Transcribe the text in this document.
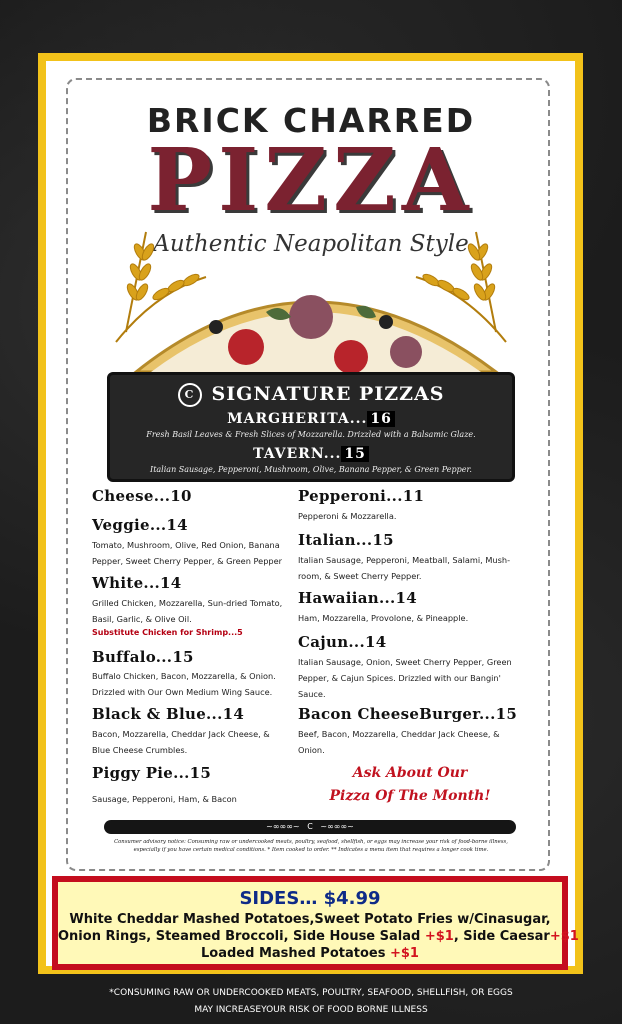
BRICK CHARRED
PIZZA
Authentic Neapolitan Style
C SIGNATURE PIZZAS
MARGHERITA... 16
Fresh Basil Leaves & Fresh Slices of Mozzarella. Drizzled with a Balsamic Glaze.
TAVERN... 15
Italian Sausage, Pepperoni, Mushroom, Olive, Banana Pepper, & Green Pepper.
Cheese...10
Veggie...14
Tomato, Mushroom, Olive, Red Onion, Banana Pepper, Sweet Cherry Pepper, & Green Pepper
White...14
Grilled Chicken, Mozzarella, Sun-dried Tomato, Basil, Garlic, & Olive Oil.
Substitute Chicken for Shrimp...5
Buffalo...15
Buffalo Chicken, Bacon, Mozzarella, & Onion. Drizzled with Our Own Medium Wing Sauce.
Black & Blue...14
Bacon, Mozzarella, Cheddar Jack Cheese, & Blue Cheese Crumbles.
Piggy Pie...15
Sausage, Pepperoni, Ham, & Bacon
Pepperoni...11
Pepperoni & Mozzarella.
Italian...15
Italian Sausage, Pepperoni, Meatball, Salami, Mush-room, & Sweet Cherry Pepper.
Hawaiian...14
Ham, Mozzarella, Provolone, & Pineapple.
Cajun...14
Italian Sausage, Onion, Sweet Cherry Pepper, Green Pepper, & Cajun Spices. Drizzled with our Bangin' Sauce.
Bacon CheeseBurger...15
Beef, Bacon, Mozzarella, Cheddar Jack Cheese, & Onion.
Ask About Our
Pizza Of The Month!
~∞∞∞~   C   ~∞∞∞~
Consumer advisory notice: Consuming raw or undercooked meats, poultry, seafood, shellfish, or eggs may increase your risk of food-borne illness,
especially if you have certain medical conditions. * Item cooked to order. ** Indicates a menu item that requires a longer cook time.
SIDES… $4.99
White Cheddar Mashed Potatoes,Sweet Potato Fries w/Cinasugar,
Onion Rings, Steamed Broccoli, Side House Salad +$1, Side Caesar+$1
Loaded Mashed Potatoes +$1
*CONSUMING RAW OR UNDERCOOKED MEATS, POULTRY, SEAFOOD, SHELLFISH, OR EGGS
MAY INCREASEYOUR RISK OF FOOD BORNE ILLNESS
